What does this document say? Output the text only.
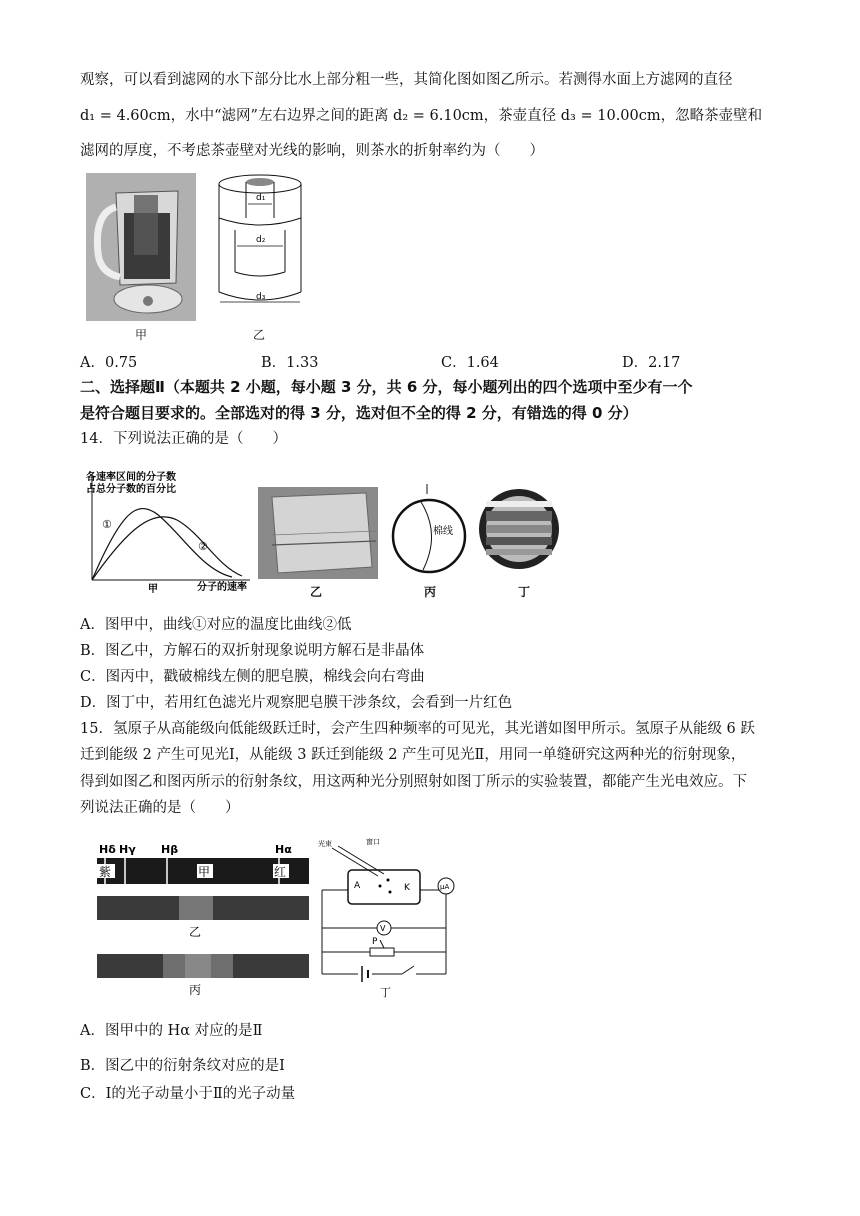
观察，可以看到滤网的水下部分比水上部分粗一些，其简化图如图乙所示。若测得水面上方滤网的直径
d₁ = 4.60cm，水中“滤网”左右边界之间的距离 d₂ = 6.10cm，茶壶直径 d₃ = 10.00cm，忽略茶壶壁和
滤网的厚度，不考虑茶壶壁对光线的影响，则茶水的折射率约为（　　）
甲
d₁
d₂
d₃
乙
A．0.75	B．1.33	C．1.64	D．2.17
二、选择题Ⅱ（本题共 2 小题，每小题 3 分，共 6 分，每小题列出的四个选项中至少有一个
是符合题目要求的。全部选对的得 3 分，选对但不全的得 2 分，有错选的得 0 分）
14．下列说法正确的是（　　）
各速率区间的分子数
占总分子数的百分比
①
②
甲	分子的速率	乙
棉线
丙	丁
A．图甲中，曲线①对应的温度比曲线②低
B．图乙中，方解石的双折射现象说明方解石是非晶体
C．图丙中，戳破棉线左侧的肥皂膜，棉线会向右弯曲
D．图丁中，若用红色滤光片观察肥皂膜干涉条纹，会看到一片红色
15．氢原子从高能级向低能级跃迁时，会产生四种频率的可见光，其光谱如图甲所示。氢原子从能级 6 跃
迁到能级 2 产生可见光Ⅰ，从能级 3 跃迁到能级 2 产生可见光Ⅱ，用同一单缝研究这两种光的衍射现象，
得到如图乙和图丙所示的衍射条纹，用这两种光分别照射如图丁所示的实验装置，都能产生光电效应。下
列说法正确的是（　　）
Hδ Hγ Hβ	Hα
紫	甲	红
乙
丙
光束	窗口
A	K	μA
V
P
丁
A．图甲中的 Hα 对应的是Ⅱ
B．图乙中的衍射条纹对应的是Ⅰ
C．Ⅰ的光子动量小于Ⅱ的光子动量
